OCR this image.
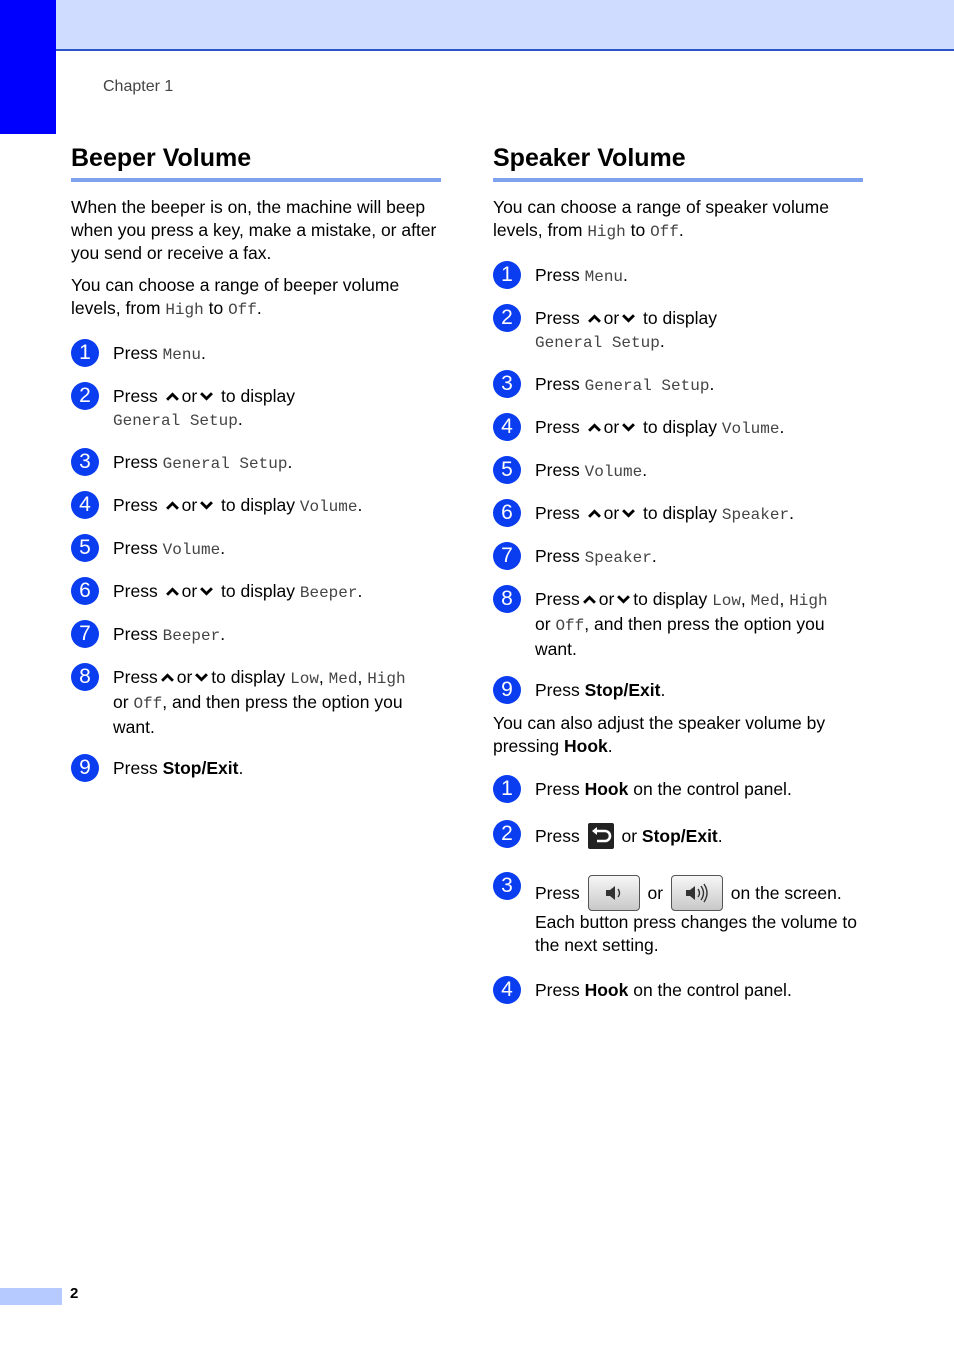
Chapter 1
Beeper Volume

When the beeper is on, the machine will beep when you press a key, make a mistake, or after you send or receive a fax.

You can choose a range of beeper volume levels, from High to Off.

1	Press Menu.
2	Press or to display
General Setup.
3	Press General Setup.
4	Press or to display Volume.
5	Press Volume.
6	Press or to display Beeper.
7	Press Beeper.
8	Press or to display Low, Med, High
or Off, and then press the option you want.
9	Press Stop/Exit.
Speaker Volume

You can choose a range of speaker volume levels, from High to Off.

1	Press Menu.
2	Press or to display
General Setup.
3	Press General Setup.
4	Press or to display Volume.
5	Press Volume.
6	Press or to display Speaker.
7	Press Speaker.
8	Press or to display Low, Med, High
or Off, and then press the option you want.
9	Press Stop/Exit.

You can also adjust the speaker volume by pressing Hook.

1	Press Hook on the control panel.
2	Press or Stop/Exit.
3	Press	or	on the screen.
Each button press changes the volume to the next setting.
4	Press Hook on the control panel.
2
